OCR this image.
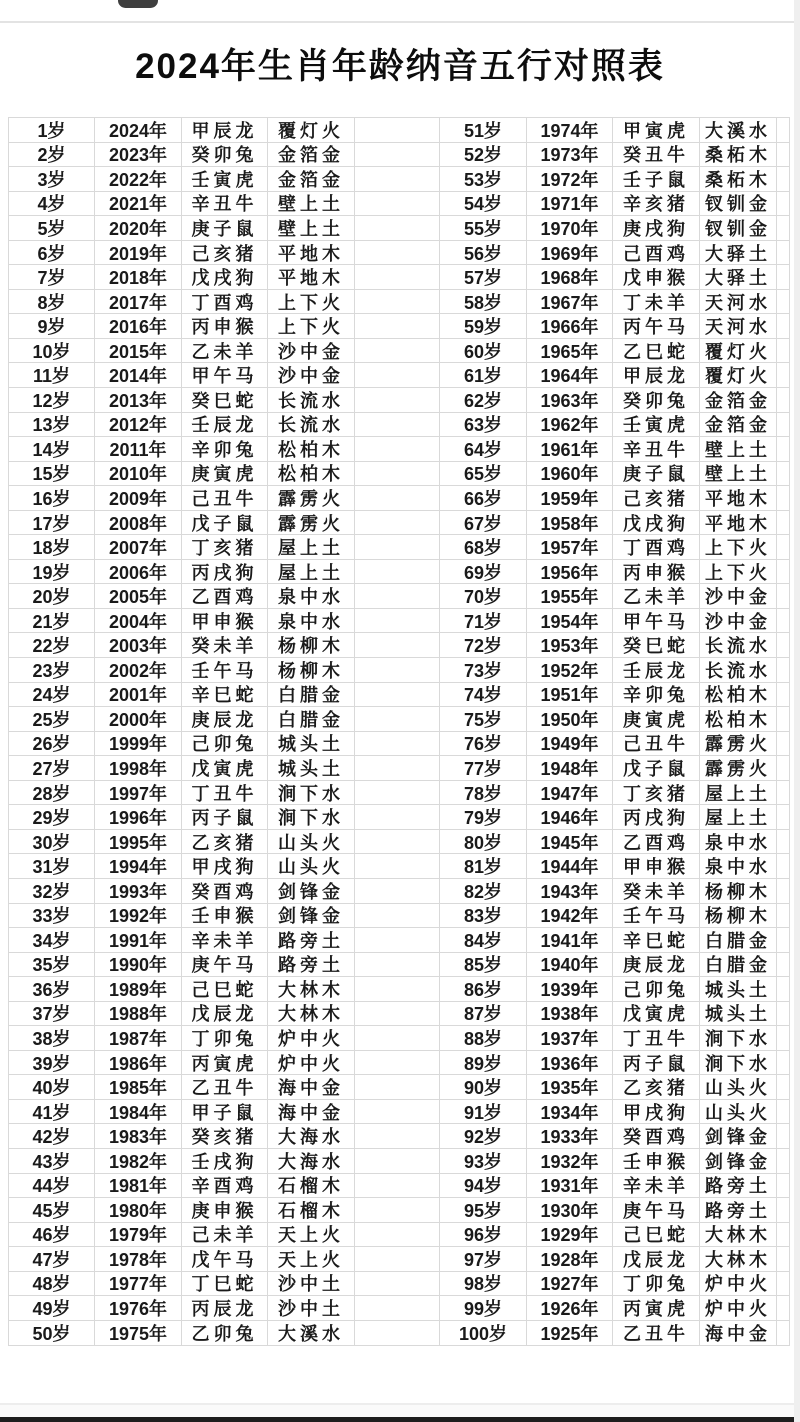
2024年生肖年龄纳音五行对照表
1岁	2024年	甲辰龙	覆灯火	51岁	1974年	甲寅虎 大溪水
2岁	2023年	癸卯兔	金箔金	52岁	1973年	癸丑牛 桑柘木
3岁	2022年	壬寅虎	金箔金	53岁	1972年	壬子鼠 桑柘木
4岁	2021年	辛丑牛	壁上土	54岁	1971年	辛亥猪 钗钏金
5岁	2020年	庚子鼠	壁上土	55岁	1970年	庚戌狗 钗钏金
6岁	2019年	己亥猪	平地木	56岁	1969年	己酉鸡 大驿土
7岁	2018年	戊戌狗	平地木	57岁	1968年	戊申猴 大驿土
8岁	2017年	丁酉鸡	上下火	58岁	1967年	丁未羊 天河水
9岁	2016年	丙申猴	上下火	59岁	1966年	丙午马 天河水
10岁	2015年	乙未羊	沙中金	60岁	1965年	乙巳蛇 覆灯火
11岁	2014年	甲午马	沙中金	61岁	1964年	甲辰龙 覆灯火
12岁	2013年	癸巳蛇	长流水	62岁	1963年	癸卯兔 金箔金
13岁	2012年	壬辰龙	长流水	63岁	1962年	壬寅虎 金箔金
14岁	2011年	辛卯兔	松柏木	64岁	1961年	辛丑牛 壁上土
15岁	2010年	庚寅虎	松柏木	65岁	1960年	庚子鼠 壁上土
16岁	2009年	己丑牛	霹雳火	66岁	1959年	己亥猪 平地木
17岁	2008年	戊子鼠	霹雳火	67岁	1958年	戊戌狗 平地木
18岁	2007年	丁亥猪	屋上土	68岁	1957年	丁酉鸡 上下火
19岁	2006年	丙戌狗	屋上土	69岁	1956年	丙申猴 上下火
20岁	2005年	乙酉鸡	泉中水	70岁	1955年	乙未羊 沙中金
21岁	2004年	甲申猴	泉中水	71岁	1954年	甲午马 沙中金
22岁	2003年	癸未羊	杨柳木	72岁	1953年	癸巳蛇 长流水
23岁	2002年	壬午马	杨柳木	73岁	1952年	壬辰龙 长流水
24岁	2001年	辛巳蛇	白腊金	74岁	1951年	辛卯兔 松柏木
25岁	2000年	庚辰龙	白腊金	75岁	1950年	庚寅虎 松柏木
26岁	1999年	己卯兔	城头土	76岁	1949年	己丑牛 霹雳火
27岁	1998年	戊寅虎	城头土	77岁	1948年	戊子鼠 霹雳火
28岁	1997年	丁丑牛	涧下水	78岁	1947年	丁亥猪 屋上土
29岁	1996年	丙子鼠	涧下水	79岁	1946年	丙戌狗 屋上土
30岁	1995年	乙亥猪	山头火	80岁	1945年	乙酉鸡 泉中水
31岁	1994年	甲戌狗	山头火	81岁	1944年	甲申猴 泉中水
32岁	1993年	癸酉鸡	剑锋金	82岁	1943年	癸未羊 杨柳木
33岁	1992年	壬申猴	剑锋金	83岁	1942年	壬午马 杨柳木
34岁	1991年	辛未羊	路旁土	84岁	1941年	辛巳蛇 白腊金
35岁	1990年	庚午马	路旁土	85岁	1940年	庚辰龙 白腊金
36岁	1989年	己巳蛇	大林木	86岁	1939年	己卯兔 城头土
37岁	1988年	戊辰龙	大林木	87岁	1938年	戊寅虎 城头土
38岁	1987年	丁卯兔	炉中火	88岁	1937年	丁丑牛 涧下水
39岁	1986年	丙寅虎	炉中火	89岁	1936年	丙子鼠 涧下水
40岁	1985年	乙丑牛	海中金	90岁	1935年	乙亥猪 山头火
41岁	1984年	甲子鼠	海中金	91岁	1934年	甲戌狗 山头火
42岁	1983年	癸亥猪	大海水	92岁	1933年	癸酉鸡 剑锋金
43岁	1982年	壬戌狗	大海水	93岁	1932年	壬申猴 剑锋金
44岁	1981年	辛酉鸡	石榴木	94岁	1931年	辛未羊 路旁土
45岁	1980年	庚申猴	石榴木	95岁	1930年	庚午马 路旁土
46岁	1979年	己未羊	天上火	96岁	1929年	己巳蛇 大林木
47岁	1978年	戊午马	天上火	97岁	1928年	戊辰龙 大林木
48岁	1977年	丁巳蛇	沙中土	98岁	1927年	丁卯兔 炉中火
49岁	1976年	丙辰龙	沙中土	99岁	1926年	丙寅虎 炉中火
50岁	1975年	乙卯兔	大溪水	100岁	1925年	乙丑牛 海中金
